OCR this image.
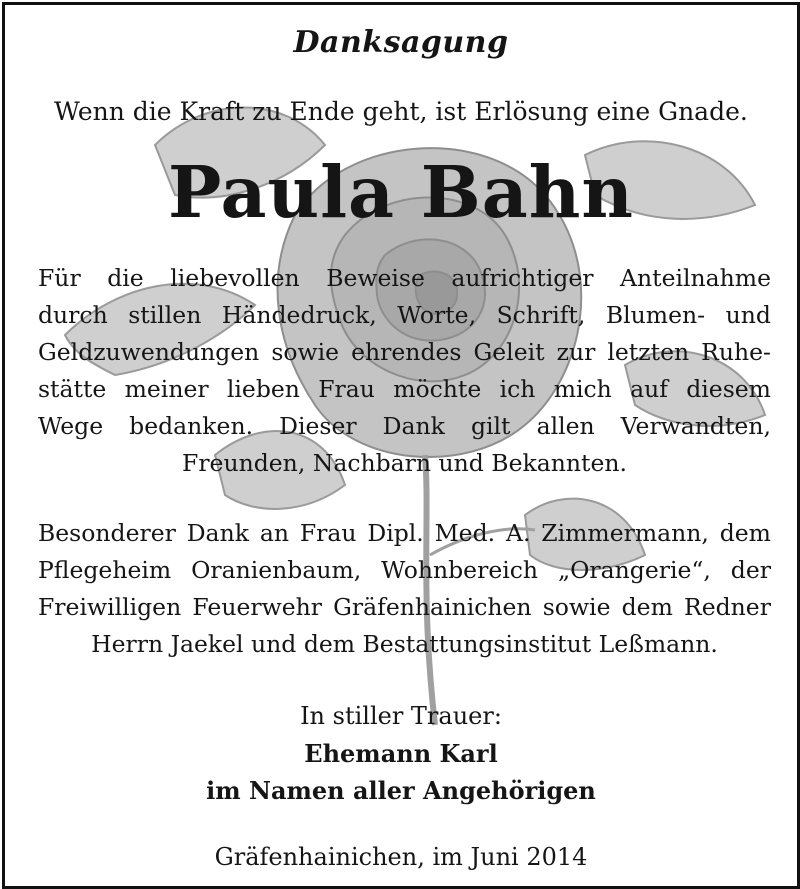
Danksagung
Wenn die Kraft zu Ende geht, ist Erlösung eine Gnade.
Paula Bahn
Für die liebevollen Beweise aufrichtiger Anteilnahme
durch stillen Händedruck, Worte, Schrift, Blumen- und
Geldzuwendungen sowie ehrendes Geleit zur letzten Ruhe-
stätte meiner lieben Frau möchte ich mich auf diesem
Wege bedanken. Dieser Dank gilt allen Verwandten,
Freunden, Nachbarn und Bekannten.
Besonderer Dank an Frau Dipl. Med. A. Zimmermann, dem
Pflegeheim Oranienbaum, Wohnbereich „Orangerie“, der
Freiwilligen Feuerwehr Gräfenhainichen sowie dem Redner
Herrn Jaekel und dem Bestattungsinstitut Leßmann.
In stiller Trauer:
Ehemann Karl
im Namen aller Angehörigen
Gräfenhainichen, im Juni 2014
